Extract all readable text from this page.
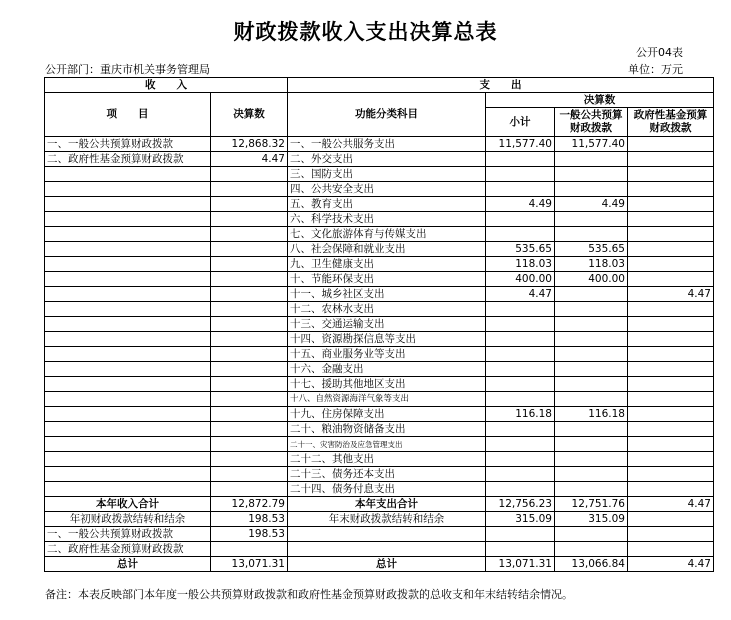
财政拨款收入支出决算总表
公开04表
公开部门：重庆市机关事务管理局	单位：万元
收　　入		支　　出			
项　　目	决算数	功能分类科目	决算数		
			小计	一般公共预算财政拨款	政府性基金预算财政拨款

一、一般公共预算财政拨款	12,868.32	一、一般公共服务支出	11,577.40	11,577.40	
二、政府性基金预算财政拨款	4.47	二、外交支出			
		三、国防支出			
		四、公共安全支出			
		五、教育支出	4.49	4.49	
		六、科学技术支出			
		七、文化旅游体育与传媒支出			
		八、社会保障和就业支出	535.65	535.65	
		九、卫生健康支出	118.03	118.03	
		十、节能环保支出	400.00	400.00	
		十一、城乡社区支出	4.47		4.47
		十二、农林水支出			
		十三、交通运输支出			
		十四、资源勘探信息等支出			
		十五、商业服务业等支出			
		十六、金融支出			
		十七、援助其他地区支出			
		十八、自然资源海洋气象等支出			
		十九、住房保障支出	116.18	116.18	
		二十、粮油物资储备支出			
		二十一、灾害防治及应急管理支出			
		二十二、其他支出			
		二十三、债务还本支出			
		二十四、债务付息支出			
本年收入合计	12,872.79	本年支出合计	12,756.23	12,751.76	4.47
年初财政拨款结转和结余	198.53	年末财政拨款结转和结余	315.09	315.09	
一、一般公共预算财政拨款	198.53				
二、政府性基金预算财政拨款					
总计	13,071.31	总计	13,071.31	13,066.84	4.47
备注：本表反映部门本年度一般公共预算财政拨款和政府性基金预算财政拨款的总收支和年末结转结余情况。
